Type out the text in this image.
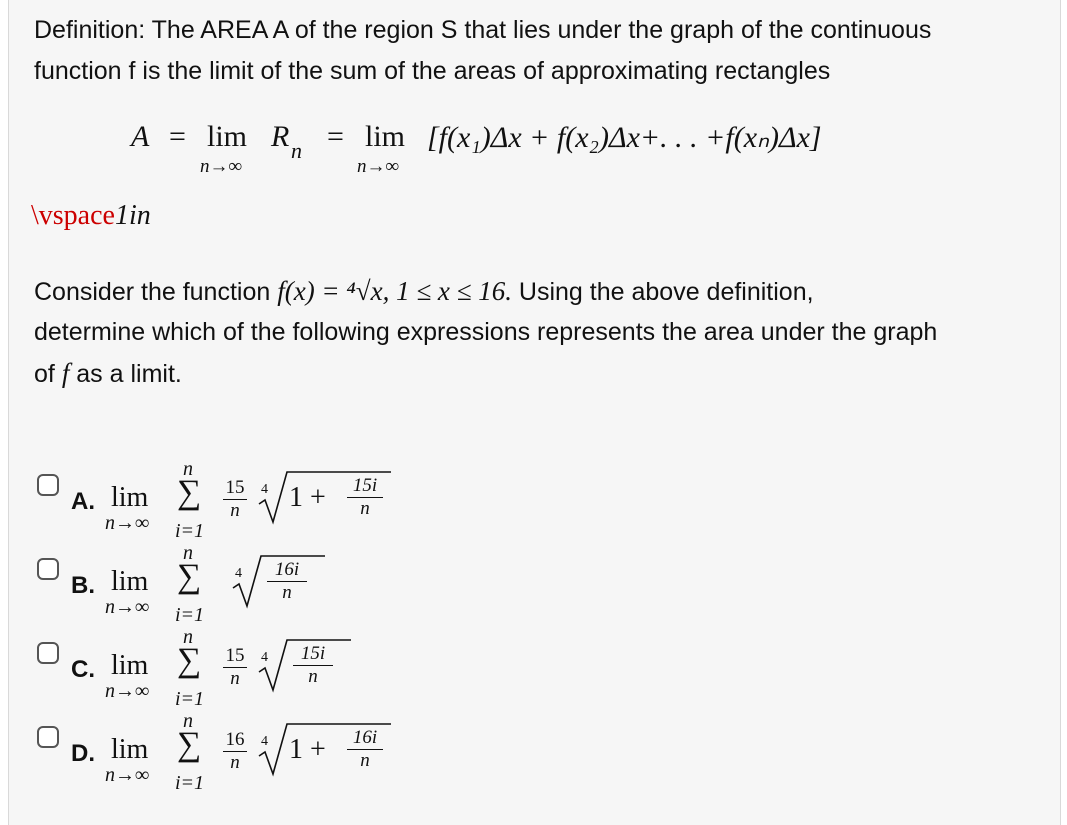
Definition: The AREA A of the region S that lies under the graph of the continuous
function f is the limit of the sum of the areas of approximating rectangles
A = lim
n→∞
R n = lim
n→∞
[f(x₁)Δx + f(x₂)Δx+. . . +f(xₙ)Δx]
\vspace1in
Consider the function f(x) = ⁴√x, 1 ≤ x ≤ 16. Using the above definition,
determine which of the following expressions represents the area under the graph
of f as a limit.
A. lim
n→∞
n
∑
i=1
15
n
4 1 +	15i
n
B. lim
n→∞
n
∑
i=1
4	16i
n
C. lim
n→∞
n
∑
i=1
15
n
4	15i
n
D. lim
n→∞
n
∑
i=1
16
n
4 1 +	16i
n
